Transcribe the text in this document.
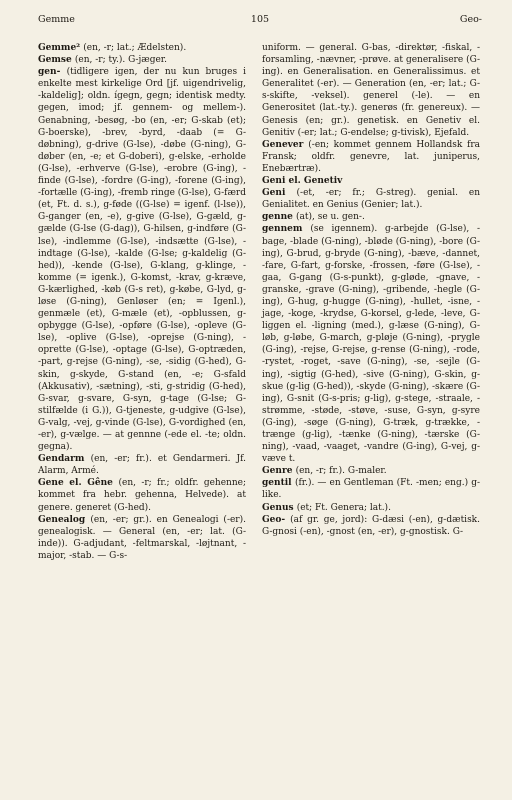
Gemme	105	Geo-

Gemme² (en, -r; lat.; Ædelsten).

Gemse (en, -r; ty.). G-jæger.

gen- (tidligere igen, der nu kun bruges i enkelte mest kirkelige Ord [jf. uigendrivelig, -kaldelig]; oldn. ígegn, gegn; identisk medty. gegen, imod; jf. gennem- og mellem-). Genabning, -besøg, -bo (en, -er; G-skab (et); G-boerske), -brev, -byrd, -daab (= G-døbning), g-drive (G-lse), -døbe (G-ning), G-døber (en, -e; et G-doberi), g-elske, -erholde (G-lse), -erhverve (G-lse), -erobre (G-ing), -finde (G-lse), -fordre (G-ing), -forene (G-ing), -fortælle (G-ing), -fremb ringe (G-lse), G-færd (et, Ft. d. s.), g-føde ((G-lse) = igenf. (l-lse)), G-ganger (en, -e), g-give (G-lse), G-gæld, g-gælde (G-lse (G-dag)), G-hilsen, g-indføre (G-lse), -indlemme (G-lse), -indsætte (G-lse), -indtage (G-lse), -kalde (G-lse; g-kaldelig (G-hed)), -kende (G-lse), G-klang, g-klinge, -komme (= igenk.), G-komst, -krav, g-kræve, G-kærlighed, -køb (G-s ret), g-købe, G-lyd, g-løse (G-ning), Genløser (en; = Igenl.), genmæle (et), G-mæle (et), -opblussen, g-opbygge (G-lse), -opføre (G-lse), -opleve (G-lse), -oplive (G-lse), -oprejse (G-ning), -oprette (G-lse), -optage (G-lse), G-optræden, -part, g-rejse (G-ning), -se, -sidig (G-hed), G-skin, g-skyde, G-stand (en, -e; G-sfald (Akkusativ), -sætning), -sti, g-stridig (G-hed), G-svar, g-svare, G-syn, g-tage (G-lse; G-stilfælde (i G.)), G-tjeneste, g-udgive (G-lse), G-valg, -vej, g-vinde (G-lse), G-vordighed (en, -er), g-vælge. — at gennne (-ede el. -te; oldn. gegna).

Gendarm (en, -er; fr.). et Gendarmeri. Jf. Alarm, Armé.

Gene el. Gêne (en, -r; fr.; oldfr. gehenne; kommet fra hebr. gehenna, Helvede). at genere. generet (G-hed).

Genealog (en, -er; gr.). en Genealogi (-er). genealogisk. — General (en, -er; lat. (G-inde)). G-adjudant, -feltmarskal, -løjtnant, -major, -stab. — G-s-

uniform. — general. G-bas, -direktør, -fiskal, -forsamling, -nævner, -prøve. at generalisere (G-ing). en Generalisation. en Generalissimus. et Generalitet (-er). — Generation (en, -er; lat.; G-s-skifte, -veksel). generel (-le). — en Generositet (lat.-ty.). generøs (fr. genereux). — Genesis (en; gr.). genetisk. en Genetiv el. Genitiv (-er; lat.; G-endelse; g-tivisk), Ejefald.

Genever (-en; kommet gennem Hollandsk fra Fransk; oldfr. genevre, lat. juniperus, Enebærtræ).

Geni el. Genetiv

Geni (-et, -er; fr.; G-streg). genial. en Genialitet. en Genius (Genier; lat.).

genne (at), se u. gen-.

gennem (se igennem). g-arbejde (G-lse), -bage, -blade (G-ning), -bløde (G-ning), -bore (G-ing), G-brud, g-bryde (G-ning), -bæve, -dannet, -fare, G-fart, g-forske, -frossen, -føre (G-lse), -gaa, G-gang (G-s-punkt), g-gløde, -gnave, -granske, -grave (G-ning), -gribende, -hegle (G-ing), G-hug, g-hugge (G-ning), -hullet, -isne, -jage, -koge, -krydse, G-korsel, g-lede, -leve, G-liggen el. -ligning (med.), g-læse (G-ning), G-løb, g-løbe, G-march, g-pløje (G-ning), -prygle (G-ing), -rejse, G-rejse, g-rense (G-ning), -rode, -rystet, -roget, -save (G-ning), -se, -sejle (G-ing), -sigtig (G-hed), -sive (G-ning), G-skin, g-skue (g-lig (G-hed)), -skyde (G-ning), -skære (G-ing), G-snit (G-s-pris; g-lig), g-stege, -straale, -strømme, -støde, -støve, -suse, G-syn, g-syre (G-ing), -søge (G-ning), G-træk, g-trække, -trænge (g-lig), -tænke (G-ning), -tærske (G-ning), -vaad, -vaaget, -vandre (G-ing), G-vej, g-væve t.

Genre (en, -r; fr.). G-maler.

gentil (fr.). — en Gentleman (Ft. -men; eng.) g-like.

Genus (et; Ft. Genera; lat.).

Geo- (af gr. ge, jord): G-dæsi (-en), g-dætisk. G-gnosi (-en), -gnost (en, -er), g-gnostisk. G-
